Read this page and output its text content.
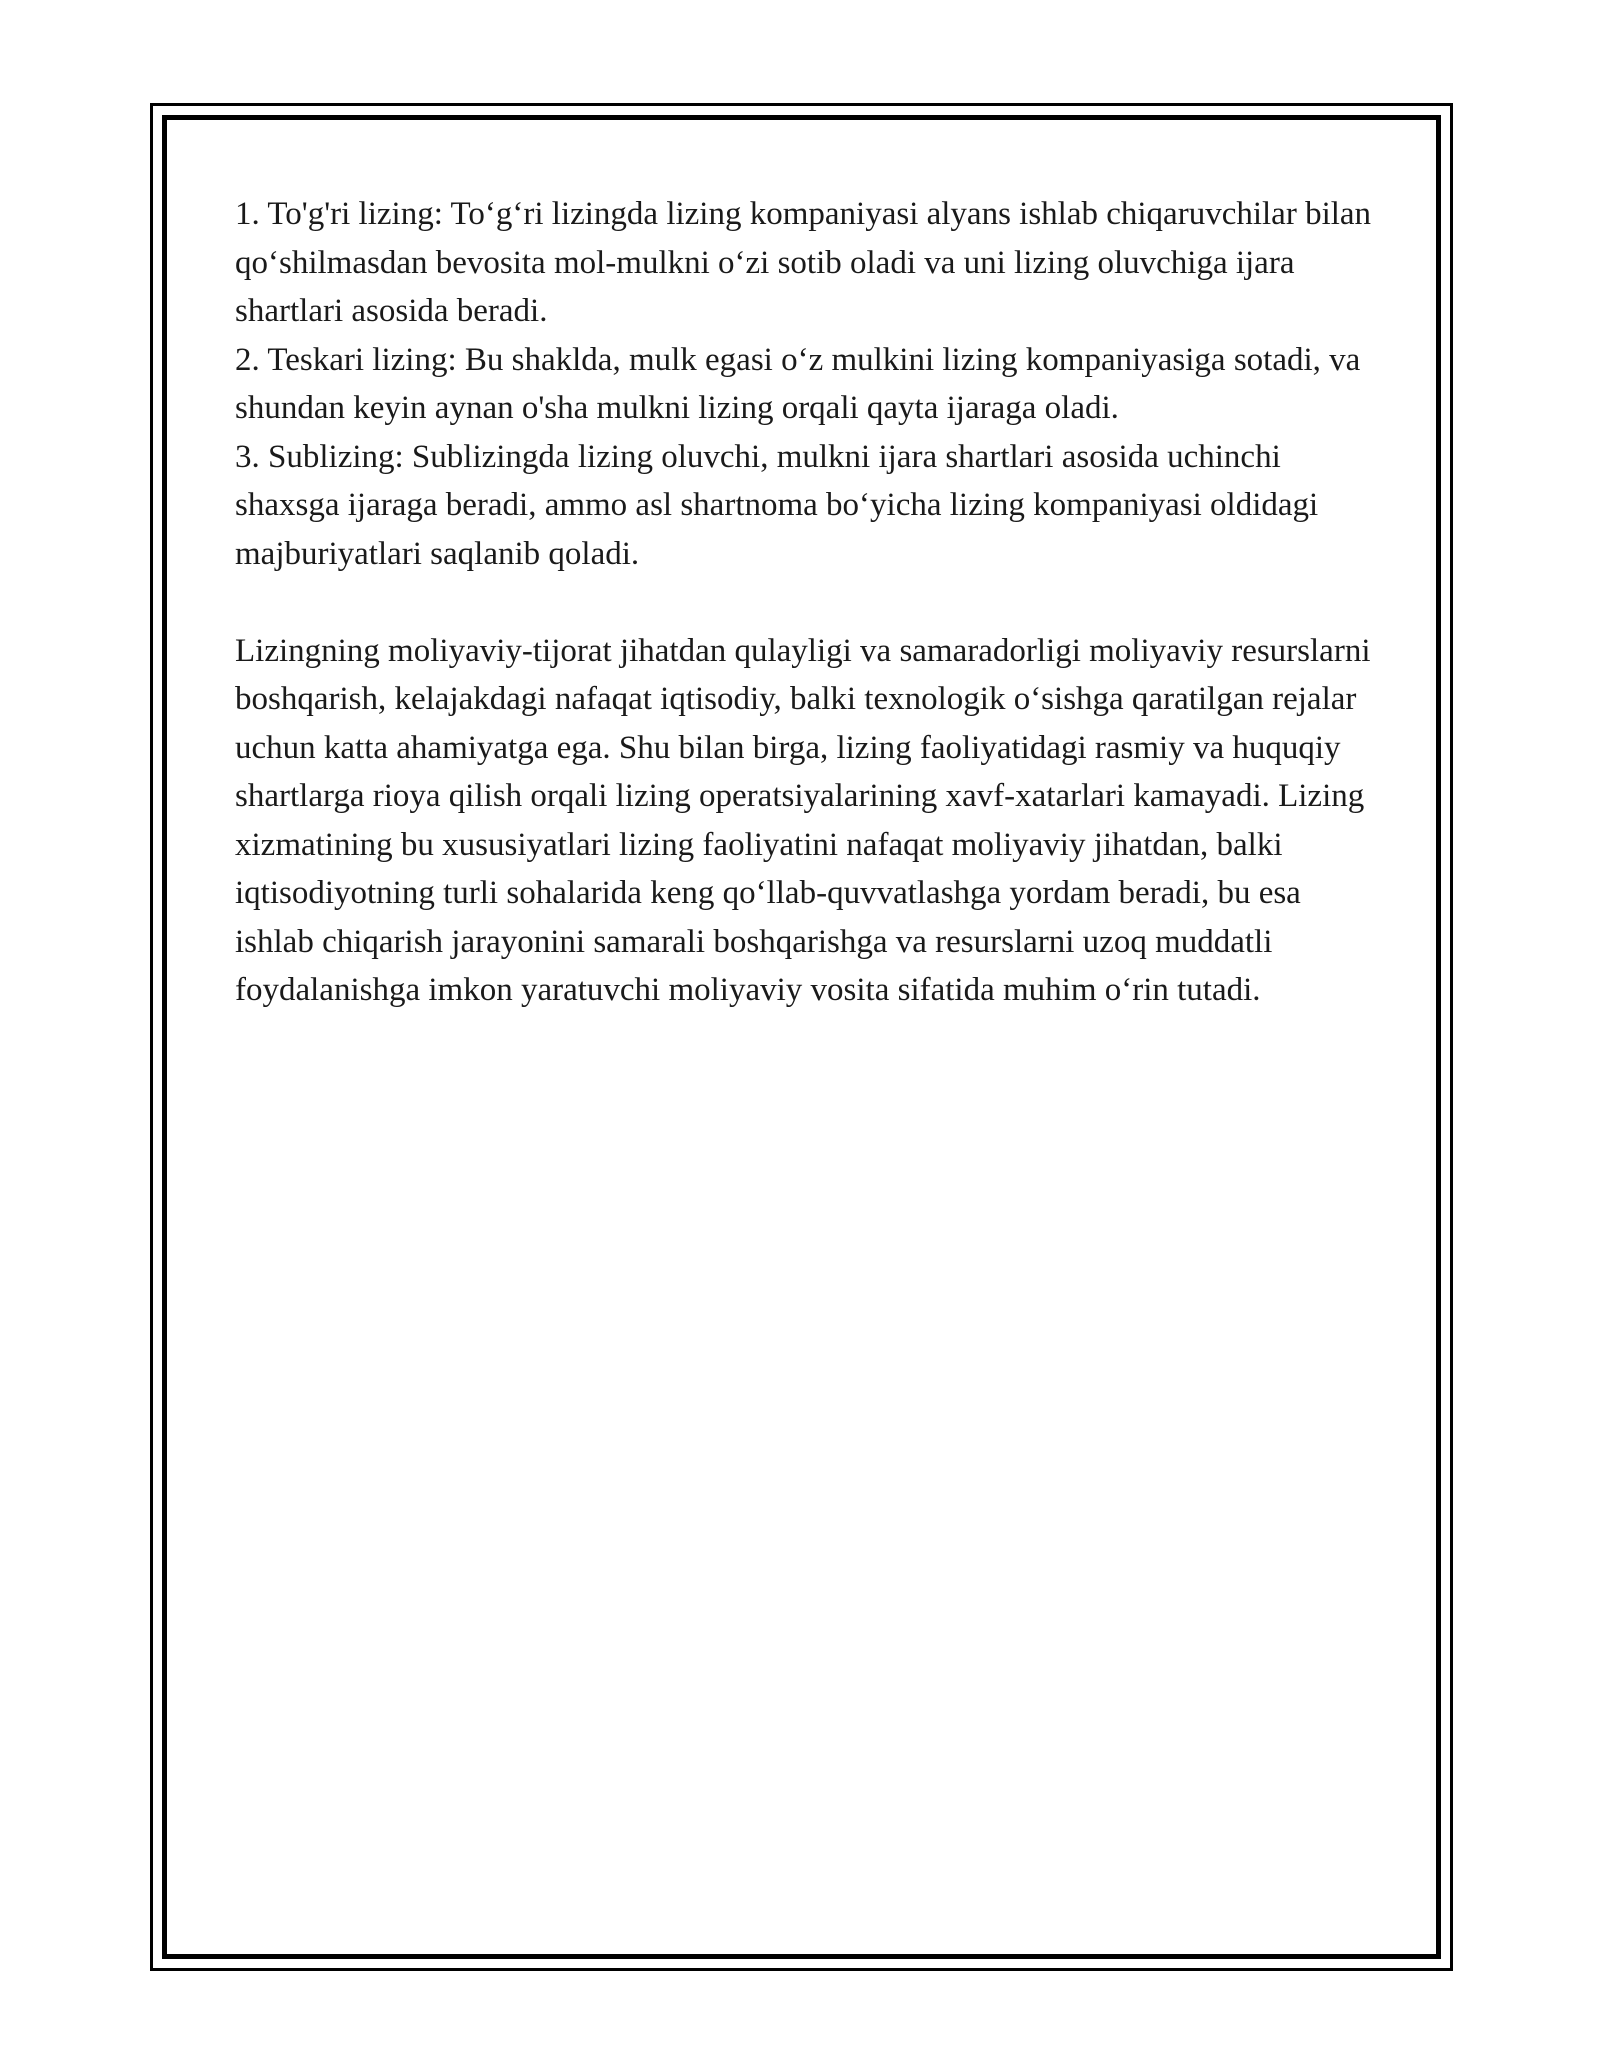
1. To'g'ri lizing: To‘g‘ri lizingda lizing kompaniyasi alyans ishlab chiqaruvchilar bilan qo‘shilmasdan bevosita mol-mulkni o‘zi sotib oladi va uni lizing oluvchiga ijara shartlari asosida beradi.

2. Teskari lizing: Bu shaklda, mulk egasi o‘z mulkini lizing kompaniyasiga sotadi, va shundan keyin aynan o'sha mulkni lizing orqali qayta ijaraga oladi.

3. Sublizing: Sublizingda lizing oluvchi, mulkni ijara shartlari asosida uchinchi shaxsga ijaraga beradi, ammo asl shartnoma bo‘yicha lizing kompaniyasi oldidagi majburiyatlari saqlanib qoladi.

Lizingning moliyaviy-tijorat jihatdan qulayligi va samaradorligi moliyaviy resurslarni boshqarish, kelajakdagi nafaqat iqtisodiy, balki texnologik o‘sishga qaratilgan rejalar uchun katta ahamiyatga ega. Shu bilan birga, lizing faoliyatidagi rasmiy va huquqiy shartlarga rioya qilish orqali lizing operatsiyalarining xavf-xatarlari kamayadi. Lizing xizmatining bu xususiyatlari lizing faoliyatini nafaqat moliyaviy jihatdan, balki iqtisodiyotning turli sohalarida keng qo‘llab-quvvatlashga yordam beradi, bu esa ishlab chiqarish jarayonini samarali boshqarishga va resurslarni uzoq muddatli foydalanishga imkon yaratuvchi moliyaviy vosita sifatida muhim o‘rin tutadi.
